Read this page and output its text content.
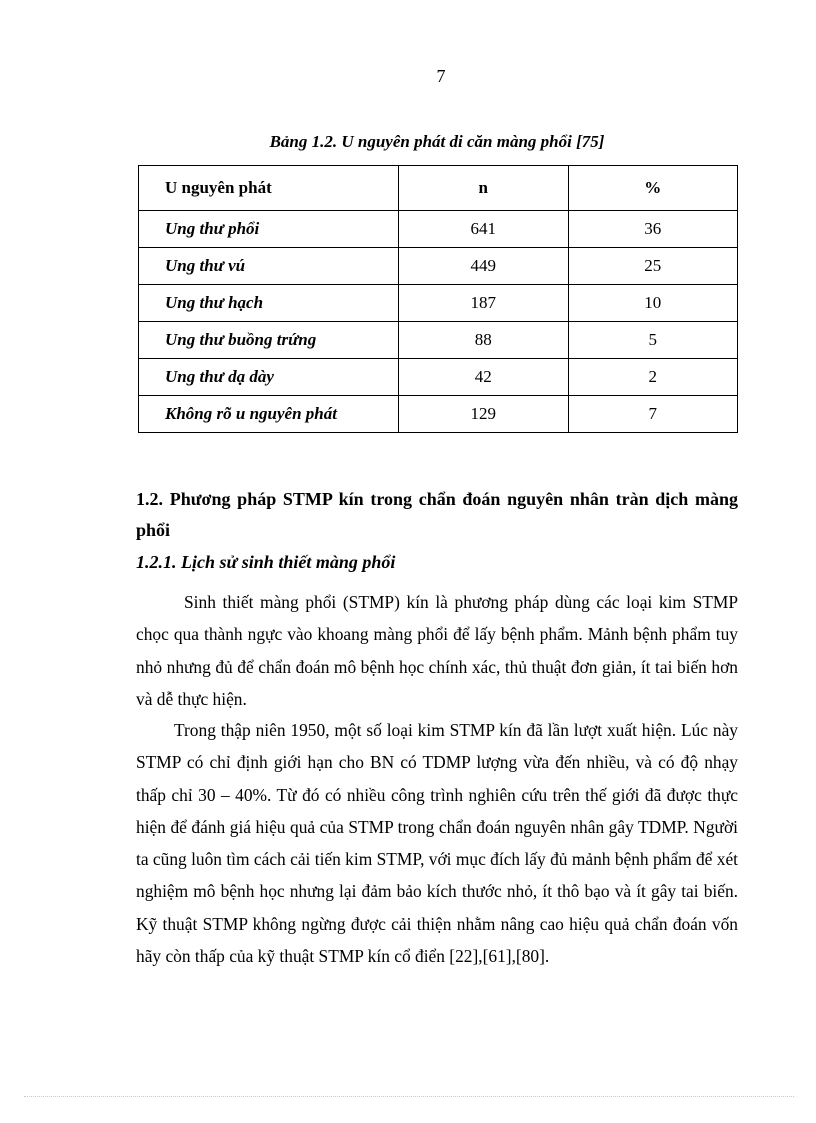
7
Bảng 1.2. U nguyên phát di căn màng phổi [75]
U nguyên phát	n	%
Ung thư phổi	641	36
Ung thư vú	449	25
Ung thư hạch	187	10
Ung thư buồng trứng	88	5
Ung thư dạ dày	42	2
Không rõ u nguyên phát	129	7
1.2. Phương pháp STMP kín trong chẩn đoán nguyên nhân tràn dịch màng phổi
1.2.1. Lịch sử sinh thiết màng phổi

Sinh thiết màng phổi (STMP) kín là phương pháp dùng các loại kim STMP chọc qua thành ngực vào khoang màng phổi để lấy bệnh phẩm. Mảnh bệnh phẩm tuy nhỏ nhưng đủ để chẩn đoán mô bệnh học chính xác, thủ thuật đơn giản, ít tai biến hơn và dễ thực hiện.

Trong thập niên 1950, một số loại kim STMP kín đã lần lượt xuất hiện. Lúc này STMP có chỉ định giới hạn cho BN có TDMP lượng vừa đến nhiều, và có độ nhạy thấp chỉ 30 – 40%. Từ đó có nhiều công trình nghiên cứu trên thế giới đã được thực hiện để đánh giá hiệu quả của STMP trong chẩn đoán nguyên nhân gây TDMP. Người ta cũng luôn tìm cách cải tiến kim STMP, với mục đích lấy đủ mảnh bệnh phẩm để xét nghiệm mô bệnh học nhưng lại đảm bảo kích thước nhỏ, ít thô bạo và ít gây tai biến. Kỹ thuật STMP không ngừng được cải thiện nhằm nâng cao hiệu quả chẩn đoán vốn hãy còn thấp của kỹ thuật STMP kín cổ điển [22],[61],[80].
